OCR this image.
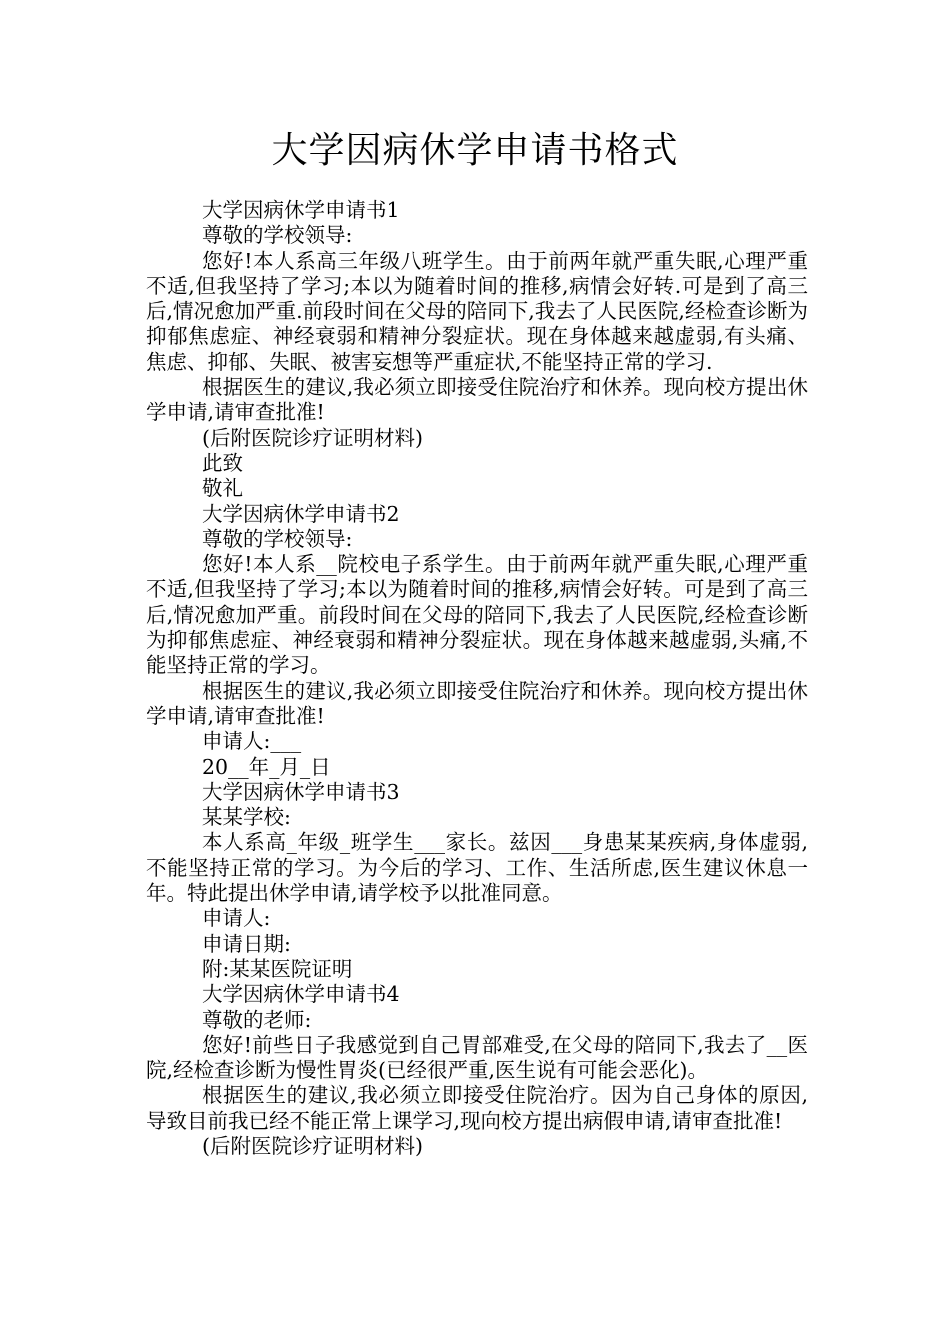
大学因病休学申请书格式

大学因病休学申请书1

尊敬的学校领导:

您好!本人系高三年级八班学生。由于前两年就严重失眠,心理严重不适,但我坚持了学习;本以为随着时间的推移,病情会好转.可是到了高三后,情况愈加严重.前段时间在父母的陪同下,我去了人民医院,经检查诊断为抑郁焦虑症、神经衰弱和精神分裂症状。现在身体越来越虚弱,有头痛、焦虑、抑郁、失眠、被害妄想等严重症状,不能坚持正常的学习.

根据医生的建议,我必须立即接受住院治疗和休养。现向校方提出休学申请,请审查批准!

(后附医院诊疗证明材料)

此致

敬礼

大学因病休学申请书2

尊敬的学校领导:

您好!本人系__院校电子系学生。由于前两年就严重失眠,心理严重不适,但我坚持了学习;本以为随着时间的推移,病情会好转。可是到了高三后,情况愈加严重。前段时间在父母的陪同下,我去了人民医院,经检查诊断为抑郁焦虑症、神经衰弱和精神分裂症状。现在身体越来越虚弱,头痛,不能坚持正常的学习。

根据医生的建议,我必须立即接受住院治疗和休养。现向校方提出休学申请,请审查批准!

申请人:___

20__年_月_日

大学因病休学申请书3

某某学校:

本人系高_年级_班学生___家长。兹因___身患某某疾病,身体虚弱,不能坚持正常的学习。为今后的学习、工作、生活所虑,医生建议休息一年。特此提出休学申请,请学校予以批准同意。

申请人:

申请日期:

附:某某医院证明

大学因病休学申请书4

尊敬的老师:

您好!前些日子我感觉到自己胃部难受,在父母的陪同下,我去了__医院,经检查诊断为慢性胃炎(已经很严重,医生说有可能会恶化)。

根据医生的建议,我必须立即接受住院治疗。因为自己身体的原因,导致目前我已经不能正常上课学习,现向校方提出病假申请,请审查批准!

(后附医院诊疗证明材料)
